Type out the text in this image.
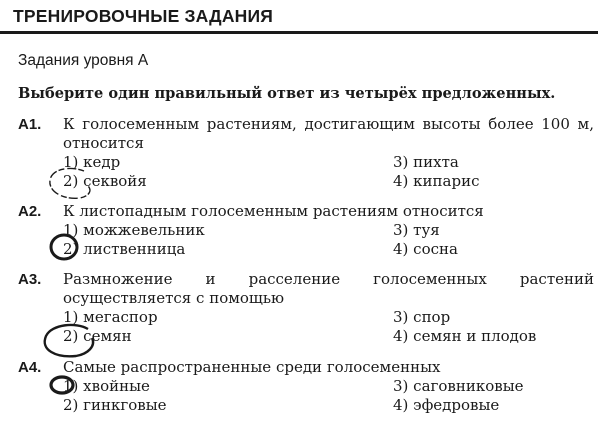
ТРЕНИРОВОЧНЫЕ ЗАДАНИЯ
Задания уровня А
Выберите один правильный ответ из четырёх предложенных.
А1. К голосеменным растениям, достигающим высоты более 100 м, относится
1) кедр
2) секвойя
3) пихта
4) кипарис
А2. К листопадным голосеменным растениям относится
1) можжевельник
2) лиственница
3) туя
4) сосна
А3. Размножение и расселение голосеменных растений осуществляется с помощью
1) мегаспор
2) семян
3) спор
4) семян и плодов
А4. Самые распространенные среди голосеменных
1) хвойные
2) гинкговые
3) саговниковые
4) эфедровые
